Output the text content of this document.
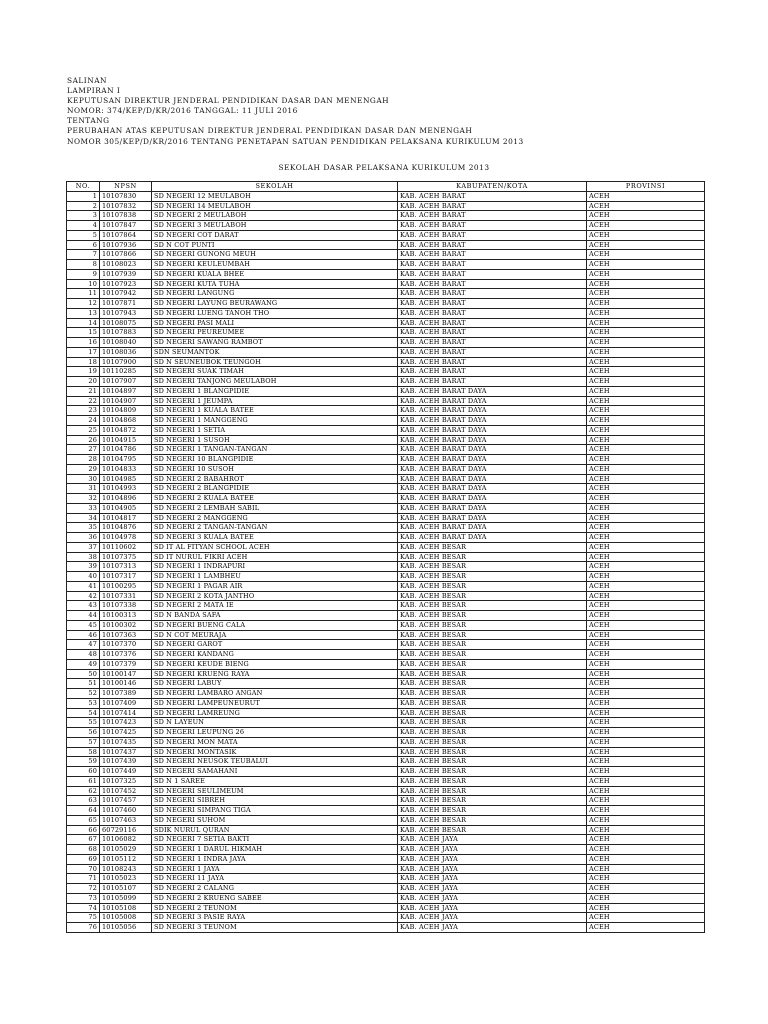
SALINAN
LAMPIRAN I
KEPUTUSAN DIREKTUR JENDERAL PENDIDIKAN DASAR DAN MENENGAH
NOMOR: 374/KEP/D/KR/2016 TANGGAL: 11 JULI 2016
TENTANG
PERUBAHAN ATAS KEPUTUSAN DIREKTUR JENDERAL PENDIDIKAN DASAR DAN MENENGAH
NOMOR 305/KEP/D/KR/2016 TENTANG PENETAPAN SATUAN PENDIDIKAN PELAKSANA KURIKULUM 2013
SEKOLAH DASAR PELAKSANA KURIKULUM 2013
NO.	NPSN	SEKOLAH	KABUPATEN/KOTA	PROVINSI
1	10107830	SD NEGERI 12 MEULABOH	KAB. ACEH BARAT	ACEH
2	10107832	SD NEGERI 14 MEULABOH	KAB. ACEH BARAT	ACEH
3	10107838	SD NEGERI 2 MEULABOH	KAB. ACEH BARAT	ACEH
4	10107847	SD NEGERI 3 MEULABOH	KAB. ACEH BARAT	ACEH
5	10107864	SD NEGERI COT DARAT	KAB. ACEH BARAT	ACEH
6	10107936	SD N COT PUNTI	KAB. ACEH BARAT	ACEH
7	10107866	SD NEGERI GUNONG MEUH	KAB. ACEH BARAT	ACEH
8	10108023	SD NEGERI KEULEUMBAH	KAB. ACEH BARAT	ACEH
9	10107939	SD NEGERI KUALA BHEE	KAB. ACEH BARAT	ACEH
10	10107923	SD NEGERI KUTA TUHA	KAB. ACEH BARAT	ACEH
11	10107942	SD NEGERI LANGUNG	KAB. ACEH BARAT	ACEH
12	10107871	SD NEGERI LAYUNG BEURAWANG	KAB. ACEH BARAT	ACEH
13	10107943	SD NEGERI LUENG TANOH THO	KAB. ACEH BARAT	ACEH
14	10108075	SD NEGERI PASI MALI	KAB. ACEH BARAT	ACEH
15	10107883	SD NEGERI PEUREUMEE	KAB. ACEH BARAT	ACEH
16	10108040	SD NEGERI SAWANG RAMBOT	KAB. ACEH BARAT	ACEH
17	10108036	SDN SEUMANTOK	KAB. ACEH BARAT	ACEH
18	10107900	SD N SEUNEUBOK TEUNGOH	KAB. ACEH BARAT	ACEH
19	10110285	SD NEGERI SUAK TIMAH	KAB. ACEH BARAT	ACEH
20	10107907	SD NEGERI TANJONG MEULABOH	KAB. ACEH BARAT	ACEH
21	10104897	SD NEGERI 1 BLANGPIDIE	KAB. ACEH BARAT DAYA	ACEH
22	10104907	SD NEGERI 1 JEUMPA	KAB. ACEH BARAT DAYA	ACEH
23	10104809	SD NEGERI 1 KUALA BATEE	KAB. ACEH BARAT DAYA	ACEH
24	10104868	SD NEGERI 1 MANGGENG	KAB. ACEH BARAT DAYA	ACEH
25	10104872	SD NEGERI 1 SETIA	KAB. ACEH BARAT DAYA	ACEH
26	10104915	SD NEGERI 1 SUSOH	KAB. ACEH BARAT DAYA	ACEH
27	10104786	SD NEGERI 1 TANGAN-TANGAN	KAB. ACEH BARAT DAYA	ACEH
28	10104795	SD NEGERI 10 BLANGPIDIE	KAB. ACEH BARAT DAYA	ACEH
29	10104833	SD NEGERI 10 SUSOH	KAB. ACEH BARAT DAYA	ACEH
30	10104985	SD NEGERI 2 BABAHROT	KAB. ACEH BARAT DAYA	ACEH
31	10104993	SD NEGERI 2 BLANGPIDIE	KAB. ACEH BARAT DAYA	ACEH
32	10104896	SD NEGERI 2 KUALA BATEE	KAB. ACEH BARAT DAYA	ACEH
33	10104905	SD NEGERI 2 LEMBAH SABIL	KAB. ACEH BARAT DAYA	ACEH
34	10104817	SD NEGERI 2 MANGGENG	KAB. ACEH BARAT DAYA	ACEH
35	10104876	SD NEGERI 2 TANGAN-TANGAN	KAB. ACEH BARAT DAYA	ACEH
36	10104978	SD NEGERI 3 KUALA BATEE	KAB. ACEH BARAT DAYA	ACEH
37	10110602	SD IT AL FITYAN SCHOOL ACEH	KAB. ACEH BESAR	ACEH
38	10107375	SD IT NURUL FIKRI ACEH	KAB. ACEH BESAR	ACEH
39	10107313	SD NEGERI 1 INDRAPURI	KAB. ACEH BESAR	ACEH
40	10107317	SD NEGERI 1 LAMBHEU	KAB. ACEH BESAR	ACEH
41	10100295	SD NEGERI 1 PAGAR AIR	KAB. ACEH BESAR	ACEH
42	10107331	SD NEGERI 2 KOTA JANTHO	KAB. ACEH BESAR	ACEH
43	10107338	SD NEGERI 2 MATA IE	KAB. ACEH BESAR	ACEH
44	10100313	SD N BANDA SAFA	KAB. ACEH BESAR	ACEH
45	10100302	SD NEGERI BUENG CALA	KAB. ACEH BESAR	ACEH
46	10107363	SD N COT MEURAJA	KAB. ACEH BESAR	ACEH
47	10107370	SD NEGERI GAROT	KAB. ACEH BESAR	ACEH
48	10107376	SD NEGERI KANDANG	KAB. ACEH BESAR	ACEH
49	10107379	SD NEGERI KEUDE BIENG	KAB. ACEH BESAR	ACEH
50	10100147	SD NEGERI KRUENG RAYA	KAB. ACEH BESAR	ACEH
51	10100146	SD NEGERI LABUY	KAB. ACEH BESAR	ACEH
52	10107389	SD NEGERI LAMBARO ANGAN	KAB. ACEH BESAR	ACEH
53	10107409	SD NEGERI LAMPEUNEURUT	KAB. ACEH BESAR	ACEH
54	10107414	SD NEGERI LAMREUNG	KAB. ACEH BESAR	ACEH
55	10107423	SD N LAYEUN	KAB. ACEH BESAR	ACEH
56	10107425	SD NEGERI LEUPUNG 26	KAB. ACEH BESAR	ACEH
57	10107435	SD NEGERI MON MATA	KAB. ACEH BESAR	ACEH
58	10107437	SD NEGERI MONTASIK	KAB. ACEH BESAR	ACEH
59	10107439	SD NEGERI NEUSOK TEUBALUI	KAB. ACEH BESAR	ACEH
60	10107449	SD NEGERI SAMAHANI	KAB. ACEH BESAR	ACEH
61	10107325	SD N 1 SAREE	KAB. ACEH BESAR	ACEH
62	10107452	SD NEGERI SEULIMEUM	KAB. ACEH BESAR	ACEH
63	10107457	SD NEGERI SIBREH	KAB. ACEH BESAR	ACEH
64	10107460	SD NEGERI SIMPANG TIGA	KAB. ACEH BESAR	ACEH
65	10107463	SD NEGERI SUHOM	KAB. ACEH BESAR	ACEH
66	60729116	SDIK NURUL QURAN	KAB. ACEH BESAR	ACEH
67	10106082	SD NEGERI 7 SETIA BAKTI	KAB. ACEH JAYA	ACEH
68	10105029	SD NEGERI 1 DARUL HIKMAH	KAB. ACEH JAYA	ACEH
69	10105112	SD NEGERI 1 INDRA JAYA	KAB. ACEH JAYA	ACEH
70	10108243	SD NEGERI 1 JAYA	KAB. ACEH JAYA	ACEH
71	10105023	SD NEGERI 11 JAYA	KAB. ACEH JAYA	ACEH
72	10105107	SD NEGERI 2 CALANG	KAB. ACEH JAYA	ACEH
73	10105099	SD NEGERI 2 KRUENG SABEE	KAB. ACEH JAYA	ACEH
74	10105108	SD NEGERI 2 TEUNOM	KAB. ACEH JAYA	ACEH
75	10105008	SD NEGERI 3 PASIE RAYA	KAB. ACEH JAYA	ACEH
76	10105056	SD NEGERI 3 TEUNOM	KAB. ACEH JAYA	ACEH
